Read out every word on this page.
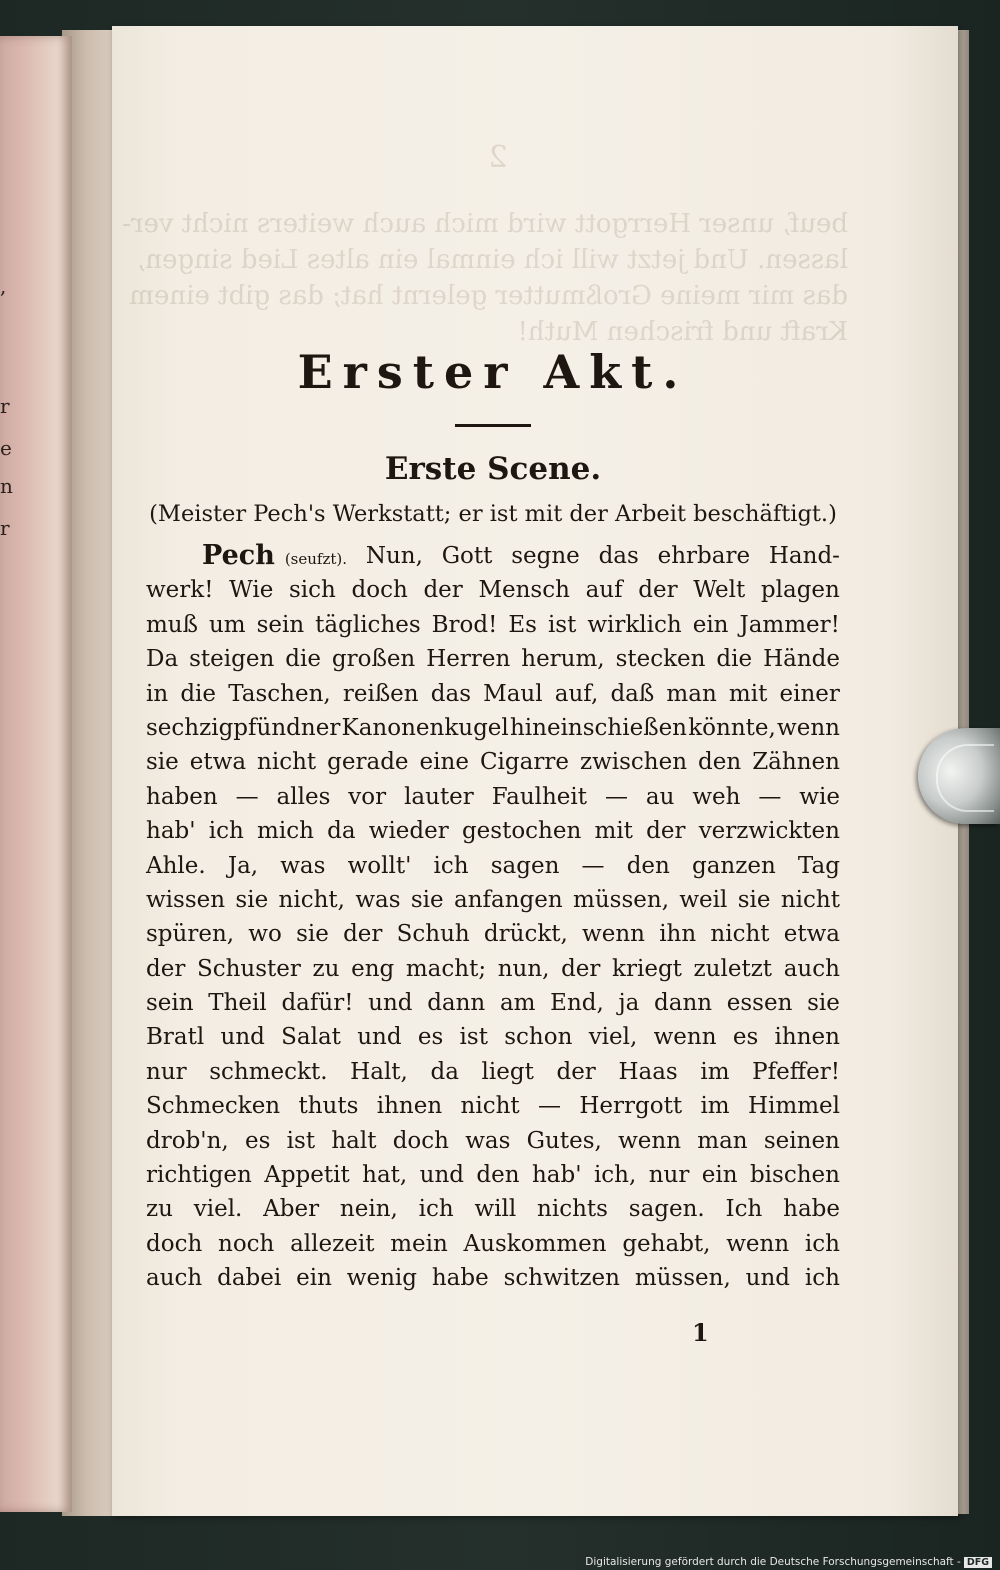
,
r
e
n
r
2
beuf, unser Herrgott wird mich auch weiters nicht ver-
lassen. Und jetzt will ich einmal ein altes Lied singen,
das mir meine Großmutter gelernt hat; das gibt einem
Kraft und frischen Muth!
Erster Akt.
Erste Scene.
(Meister Pech's Werkstatt; er ist mit der Arbeit beschäftigt.)
Pech (seufzt). Nun, Gott segne das ehrbare Hand-
werk! Wie sich doch der Mensch auf der Welt plagen
muß um sein tägliches Brod! Es ist wirklich ein Jammer!
Da steigen die großen Herren herum, stecken die Hände
in die Taschen, reißen das Maul auf, daß man mit einer
sechzigpfündner Kanonenkugel hineinschießen könnte, wenn
sie etwa nicht gerade eine Cigarre zwischen den Zähnen
haben — alles vor lauter Faulheit — au weh — wie
hab' ich mich da wieder gestochen mit der verzwickten
Ahle. Ja, was wollt' ich sagen — den ganzen Tag
wissen sie nicht, was sie anfangen müssen, weil sie nicht
spüren, wo sie der Schuh drückt, wenn ihn nicht etwa
der Schuster zu eng macht; nun, der kriegt zuletzt auch
sein Theil dafür! und dann am End, ja dann essen sie
Bratl und Salat und es ist schon viel, wenn es ihnen
nur schmeckt. Halt, da liegt der Haas im Pfeffer!
Schmecken thuts ihnen nicht — Herrgott im Himmel
drob'n, es ist halt doch was Gutes, wenn man seinen
richtigen Appetit hat, und den hab' ich, nur ein bischen
zu viel. Aber nein, ich will nichts sagen. Ich habe
doch noch allezeit mein Auskommen gehabt, wenn ich
auch dabei ein wenig habe schwitzen müssen, und ich
1
Digitalisierung gefördert durch die Deutsche Forschungsgemeinschaft - DFG
